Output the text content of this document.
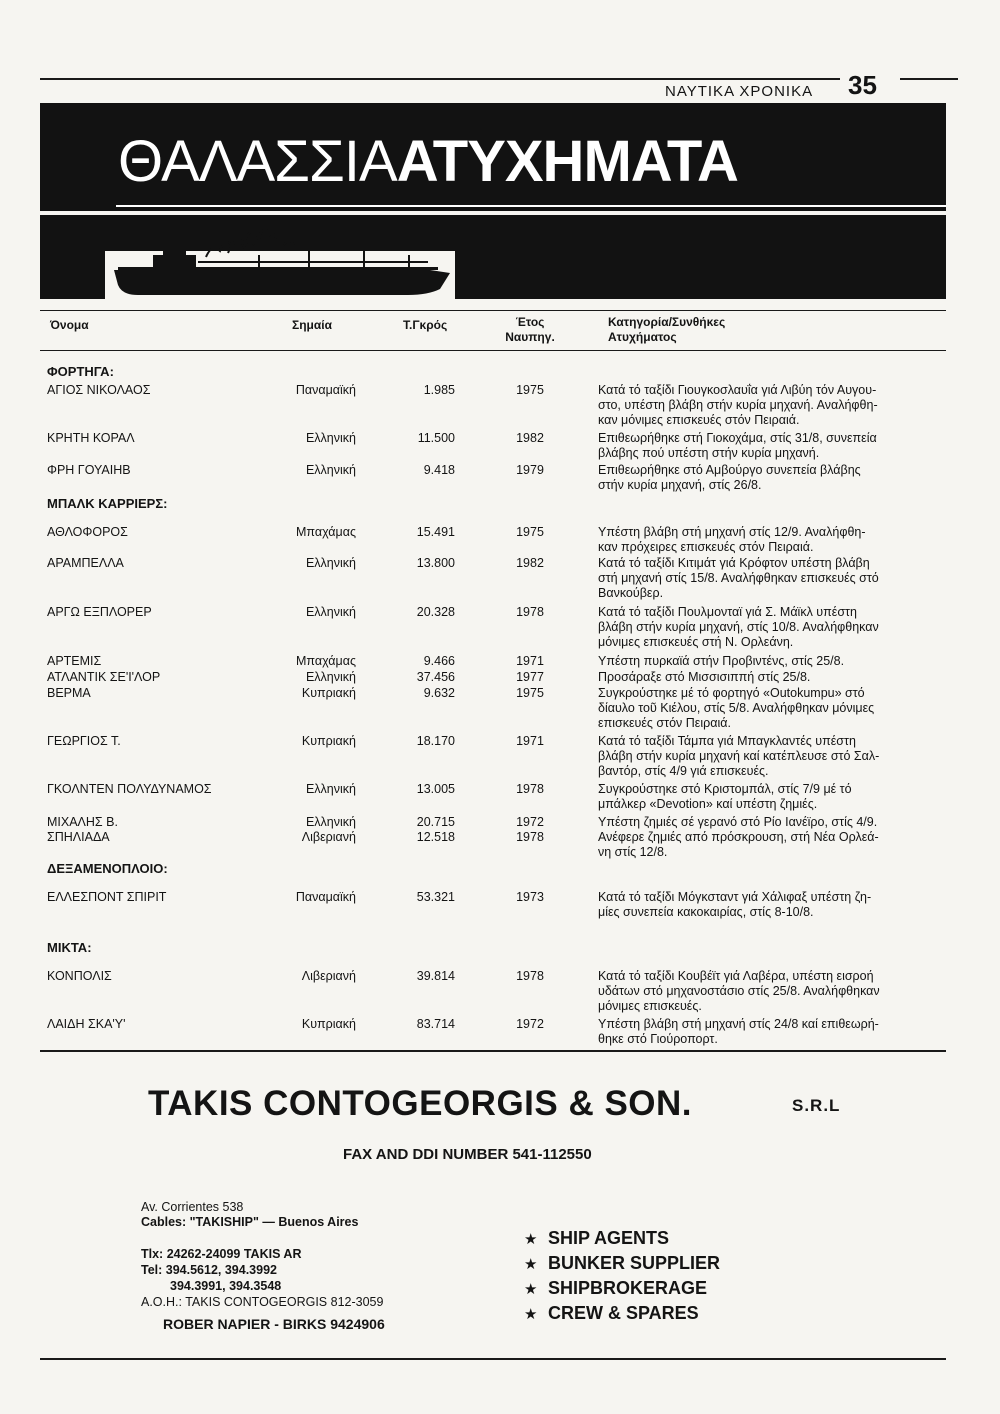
ΝΑΥΤΙΚΑ ΧΡΟΝΙΚΑ 35
ΘΑΛΑΣΣΙΑΑΤΥΧΗΜΑΤΑ
Όνομα	Σημαία	Τ.Γκρός	Έτος
Ναυπηγ.
Κατηγορία/Συνθήκες
Ατυχήματος
ΦΟΡΤΗΓΑ:
ΑΓΙΟΣ ΝΙΚΟΛΑΟΣ	Παναμαϊκή	1.985	1975	Κατά τό ταξίδι Γιουγκοσλαυΐα γιά Λιβύη τόν Αυγου-
στο, υπέστη βλάβη στήν κυρία μηχανή. Αναλήφθη-
καν μόνιμες επισκευές στόν Πειραιά.
ΚΡΗΤΗ ΚΟΡΑΛ	Ελληνική	11.500	1982	Επιθεωρήθηκε στή Γιοκοχάμα, στίς 31/8, συνεπεία
βλάβης πού υπέστη στήν κυρία μηχανή.
ΦΡΗ ΓΟΥΑΙΗΒ	Ελληνική	9.418	1979	Επιθεωρήθηκε στό Αμβούργο συνεπεία βλάβης
στήν κυρία μηχανή, στίς 26/8.
ΜΠΑΛΚ ΚΑΡΡΙΕΡΣ:
ΑΘΛΟΦΟΡΟΣ	Μπαχάμας	15.491	1975	Υπέστη βλάβη στή μηχανή στίς 12/9. Αναλήφθη-
καν πρόχειρες επισκευές στόν Πειραιά.
ΑΡΑΜΠΕΛΛΑ	Ελληνική	13.800	1982	Κατά τό ταξίδι Κιτιμάτ γιά Κρόφτον υπέστη βλάβη
στή μηχανή στίς 15/8. Αναλήφθηκαν επισκευές στό
Βανκούβερ.
ΑΡΓΩ ΕΞΠΛΟΡΕΡ	Ελληνική	20.328	1978	Κατά τό ταξίδι Πουλμονταϊ γιά Σ. Μάϊκλ υπέστη
βλάβη στήν κυρία μηχανή, στίς 10/8. Αναλήφθηκαν
μόνιμες επισκευές στή Ν. Ορλεάνη.
ΑΡΤΕΜΙΣ	Μπαχάμας	9.466	1971	Υπέστη πυρκαϊά στήν Προβιντένς, στίς 25/8.
ΑΤΛΑΝΤΙΚ ΣΕ'Ι'ΛΟΡ	Ελληνική	37.456	1977	Προσάραξε στό Μισσισιππή στίς 25/8.
ΒΕΡΜΑ	Κυπριακή	9.632	1975	Συγκρούστηκε μέ τό φορτηγό «Outokumpu» στό
δίαυλο τοῦ Κιέλου, στίς 5/8. Αναλήφθηκαν μόνιμες
επισκευές στόν Πειραιά.
ΓΕΩΡΓΙΟΣ Τ.	Κυπριακή	18.170	1971	Κατά τό ταξίδι Τάμπα γιά Μπαγκλαντές υπέστη
βλάβη στήν κυρία μηχανή καί κατέπλευσε στό Σαλ-
βαντόρ, στίς 4/9 γιά επισκευές.
ΓΚΟΛΝΤΕΝ ΠΟΛΥΔΥΝΑΜΟΣ	Ελληνική	13.005	1978	Συγκρούστηκε στό Κριστομπάλ, στίς 7/9 μέ τό
μπάλκερ «Devotion» καί υπέστη ζημιές.
ΜΙΧΑΛΗΣ Β.	Ελληνική	20.715	1972	Υπέστη ζημιές σέ γερανό στό Ρίο Ιανέϊρο, στίς 4/9.
ΣΠΗΛΙΑΔΑ	Λιβεριανή	12.518	1978	Ανέφερε ζημιές από πρόσκρουση, στή Νέα Ορλεά-
νη στίς 12/8.
ΔΕΞΑΜΕΝΟΠΛΟΙΟ:
ΕΛΛΕΣΠΟΝΤ ΣΠΙΡΙΤ	Παναμαϊκή	53.321	1973	Κατά τό ταξίδι Μόγκσταντ γιά Χάλιφαξ υπέστη ζη-
μίες συνεπεία κακοκαιρίας, στίς 8-10/8.
ΜΙΚΤΑ:
ΚΟΝΠΟΛΙΣ	Λιβεριανή	39.814	1978	Κατά τό ταξίδι Κουβέϊτ γιά Λαβέρα, υπέστη εισροή
υδάτων στό μηχανοστάσιο στίς 25/8. Αναλήφθηκαν
μόνιμες επισκευές.
ΛΑΙΔΗ ΣΚΑ'Υ'	Κυπριακή	83.714	1972	Υπέστη βλάβη στή μηχανή στίς 24/8 καί επιθεωρή-
θηκε στό Γιούροπορτ.
TAKIS CONTOGEORGIS & SON.	S.R.L
FAX AND DDI NUMBER 541-112550
Av. Corrientes 538
Cables: "TAKISHIP" — Buenos Aires
Tlx: 24262-24099 TAKIS AR
Tel: 394.5612, 394.3992
394.3991, 394.3548
A.O.H.: TAKIS CONTOGEORGIS 812-3059
ROBER NAPIER - BIRKS 9424906
★ SHIP AGENTS
★ BUNKER SUPPLIER
★ SHIPBROKERAGE
★ CREW & SPARES
